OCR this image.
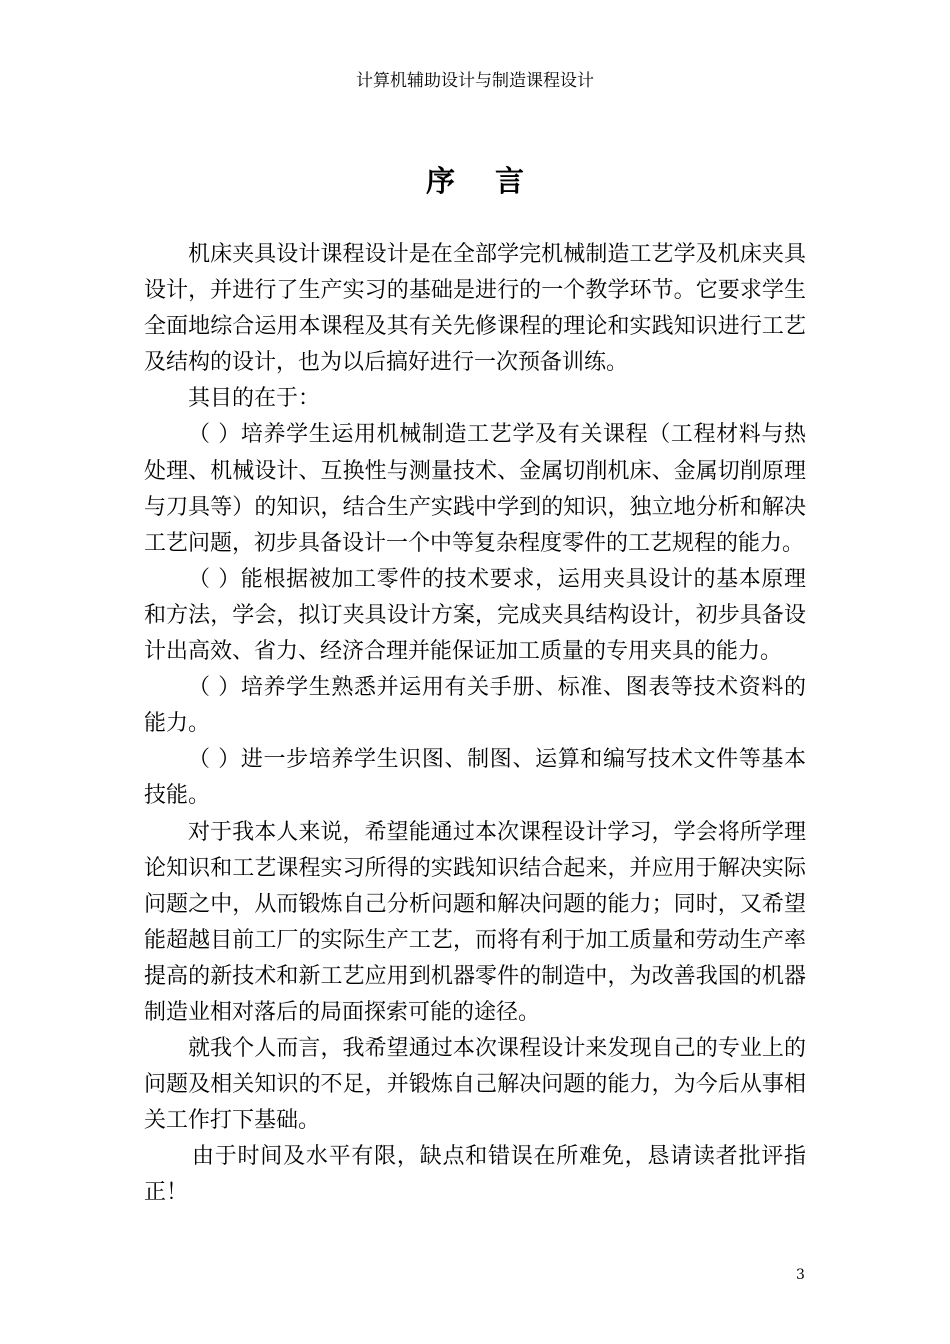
计算机辅助设计与制造课程设计
序言

机床夹具设计课程设计是在全部学完机械制造工艺学及机床夹具设计，并进行了生产实习的基础是进行的一个教学环节。它要求学生全面地综合运用本课程及其有关先修课程的理论和实践知识进行工艺及结构的设计，也为以后搞好进行一次预备训练。

其目的在于：

（ ）培养学生运用机械制造工艺学及有关课程（工程材料与热处理、机械设计、互换性与测量技术、金属切削机床、金属切削原理与刀具等）的知识，结合生产实践中学到的知识，独立地分析和解决工艺问题，初步具备设计一个中等复杂程度零件的工艺规程的能力。

（ ）能根据被加工零件的技术要求，运用夹具设计的基本原理和方法，学会，拟订夹具设计方案，完成夹具结构设计，初步具备设计出高效、省力、经济合理并能保证加工质量的专用夹具的能力。

（ ）培养学生熟悉并运用有关手册、标准、图表等技术资料的能力。

（ ）进一步培养学生识图、制图、运算和编写技术文件等基本技能。

对于我本人来说，希望能通过本次课程设计学习，学会将所学理论知识和工艺课程实习所得的实践知识结合起来，并应用于解决实际问题之中，从而锻炼自己分析问题和解决问题的能力；同时，又希望能超越目前工厂的实际生产工艺，而将有利于加工质量和劳动生产率提高的新技术和新工艺应用到机器零件的制造中，为改善我国的机器制造业相对落后的局面探索可能的途径。

就我个人而言，我希望通过本次课程设计来发现自己的专业上的问题及相关知识的不足，并锻炼自己解决问题的能力，为今后从事相关工作打下基础。

由于时间及水平有限，缺点和错误在所难免，恳请读者批评指正！

3
